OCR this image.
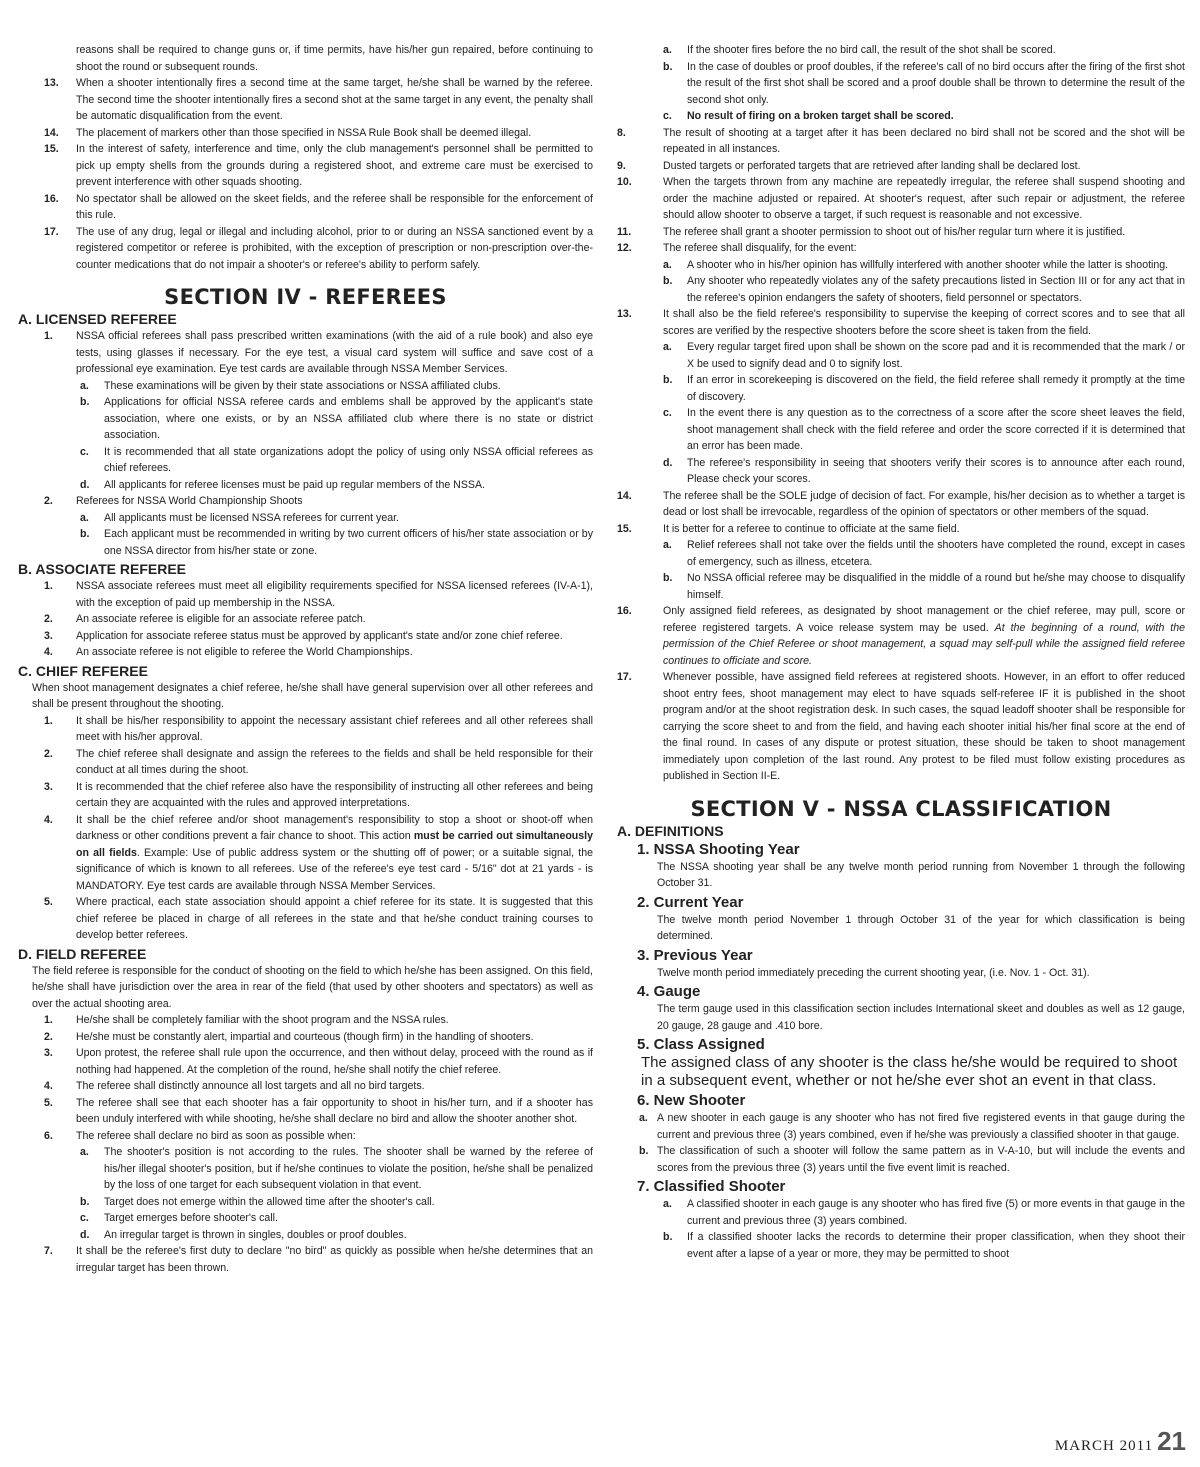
reasons shall be required to change guns or, if time permits, have his/her gun repaired, before continuing to shoot the round or subsequent rounds.

13. When a shooter intentionally fires a second time at the same target, he/she shall be warned by the referee. The second time the shooter intentionally fires a second shot at the same target in any event, the penalty shall be automatic disqualification from the event.
14. The placement of markers other than those specified in NSSA Rule Book shall be deemed illegal.
15. In the interest of safety, interference and time, only the club management's personnel shall be permitted to pick up empty shells from the grounds during a registered shoot, and extreme care must be exercised to prevent interference with other squads shooting.
16. No spectator shall be allowed on the skeet fields, and the referee shall be responsible for the enforcement of this rule.
17. The use of any drug, legal or illegal and including alcohol, prior to or during an NSSA sanctioned event by a registered competitor or referee is prohibited, with the exception of prescription or non-prescription over-the-counter medications that do not impair a shooter's or referee's ability to perform safely.
SECTION IV - REFEREES
A. LICENSED REFEREE
1. NSSA official referees shall pass prescribed written examinations (with the aid of a rule book) and also eye tests, using glasses if necessary. For the eye test, a visual card system will suffice and save cost of a professional eye examination. Eye test cards are available through NSSA Member Services.
a. These examinations will be given by their state associations or NSSA affiliated clubs.
b. Applications for official NSSA referee cards and emblems shall be approved by the applicant's state association, where one exists, or by an NSSA affiliated club where there is no state or district association.
c. It is recommended that all state organizations adopt the policy of using only NSSA official referees as chief referees.
d. All applicants for referee licenses must be paid up regular members of the NSSA.
2. Referees for NSSA World Championship Shoots
a. All applicants must be licensed NSSA referees for current year.
b. Each applicant must be recommended in writing by two current officers of his/her state association or by one NSSA director from his/her state or zone.
B. ASSOCIATE REFEREE
1. NSSA associate referees must meet all eligibility requirements specified for NSSA licensed referees (IV-A-1), with the exception of paid up membership in the NSSA.
2. An associate referee is eligible for an associate referee patch.
3. Application for associate referee status must be approved by applicant's state and/or zone chief referee.
4. An associate referee is not eligible to referee the World Championships.
C. CHIEF REFEREE

When shoot management designates a chief referee, he/she shall have general supervision over all other referees and shall be present throughout the shooting.

1. It shall be his/her responsibility to appoint the necessary assistant chief referees and all other referees shall meet with his/her approval.
2. The chief referee shall designate and assign the referees to the fields and shall be held responsible for their conduct at all times during the shoot.
3. It is recommended that the chief referee also have the responsibility of instructing all other referees and being certain they are acquainted with the rules and approved interpretations.
4. It shall be the chief referee and/or shoot management's responsibility to stop a shoot or shoot-off when darkness or other conditions prevent a fair chance to shoot. This action must be carried out simultaneously on all fields. Example: Use of public address system or the shutting off of power; or a suitable signal, the significance of which is known to all referees. Use of the referee's eye test card - 5/16" dot at 21 yards - is MANDATORY. Eye test cards are available through NSSA Member Services.
5. Where practical, each state association should appoint a chief referee for its state. It is suggested that this chief referee be placed in charge of all referees in the state and that he/she conduct training courses to develop better referees.
D. FIELD REFEREE

The field referee is responsible for the conduct of shooting on the field to which he/she has been assigned. On this field, he/she shall have jurisdiction over the area in rear of the field (that used by other shooters and spectators) as well as over the actual shooting area.

1. He/she shall be completely familiar with the shoot program and the NSSA rules.
2. He/she must be constantly alert, impartial and courteous (though firm) in the handling of shooters.
3. Upon protest, the referee shall rule upon the occurrence, and then without delay, proceed with the round as if nothing had happened. At the completion of the round, he/she shall notify the chief referee.
4. The referee shall distinctly announce all lost targets and all no bird targets.
5. The referee shall see that each shooter has a fair opportunity to shoot in his/her turn, and if a shooter has been unduly interfered with while shooting, he/she shall declare no bird and allow the shooter another shot.
6. The referee shall declare no bird as soon as possible when:
a. The shooter's position is not according to the rules. The shooter shall be warned by the referee of his/her illegal shooter's position, but if he/she continues to violate the position, he/she shall be penalized by the loss of one target for each subsequent violation in that event.
b. Target does not emerge within the allowed time after the shooter's call.
c. Target emerges before shooter's call.
d. An irregular target is thrown in singles, doubles or proof doubles.
7. It shall be the referee's first duty to declare "no bird" as quickly as possible when he/she determines that an irregular target has been thrown.
a. If the shooter fires before the no bird call, the result of the shot shall be scored.
b. In the case of doubles or proof doubles, if the referee's call of no bird occurs after the firing of the first shot the result of the first shot shall be scored and a proof double shall be thrown to determine the result of the second shot only.
c. No result of firing on a broken target shall be scored.
8.	The result of shooting at a target after it has been declared no bird shall not be scored and the shot will be repeated in all instances.
9.	Dusted targets or perforated targets that are retrieved after landing shall be declared lost.
10.	When the targets thrown from any machine are repeatedly irregular, the referee shall suspend shooting and order the machine adjusted or repaired. At shooter's request, after such repair or adjustment, the referee should allow shooter to observe a target, if such request is reasonable and not excessive.
11.	The referee shall grant a shooter permission to shoot out of his/her regular turn where it is justified.
12.	The referee shall disqualify, for the event:
a. A shooter who in his/her opinion has willfully interfered with another shooter while the latter is shooting.
b. Any shooter who repeatedly violates any of the safety precautions listed in Section III or for any act that in the referee's opinion endangers the safety of shooters, field personnel or spectators.
13.	It shall also be the field referee's responsibility to supervise the keeping of correct scores and to see that all scores are verified by the respective shooters before the score sheet is taken from the field.
a. Every regular target fired upon shall be shown on the score pad and it is recommended that the mark / or X be used to signify dead and 0 to signify lost.
b. If an error in scorekeeping is discovered on the field, the field referee shall remedy it promptly at the time of discovery.
c. In the event there is any question as to the correctness of a score after the score sheet leaves the field, shoot management shall check with the field referee and order the score corrected if it is determined that an error has been made.
d. The referee's responsibility in seeing that shooters verify their scores is to announce after each round, Please check your scores.
14.	The referee shall be the SOLE judge of decision of fact. For example, his/her decision as to whether a target is dead or lost shall be irrevocable, regardless of the opinion of spectators or other members of the squad.
15.	It is better for a referee to continue to officiate at the same field.
a. Relief referees shall not take over the fields until the shooters have completed the round, except in cases of emergency, such as illness, etcetera.
b. No NSSA official referee may be disqualified in the middle of a round but he/she may choose to disqualify himself.
16.	Only assigned field referees, as designated by shoot management or the chief referee, may pull, score or referee registered targets. A voice release system may be used. At the beginning of a round, with the permission of the Chief Referee or shoot management, a squad may self-pull while the assigned field referee continues to officiate and score.
17.	Whenever possible, have assigned field referees at registered shoots. However, in an effort to offer reduced shoot entry fees, shoot management may elect to have squads self-referee IF it is published in the shoot program and/or at the shoot registration desk. In such cases, the squad leadoff shooter shall be responsible for carrying the score sheet to and from the field, and having each shooter initial his/her final score at the end of the final round. In cases of any dispute or protest situation, these should be taken to shoot management immediately upon completion of the last round. Any protest to be filed must follow existing procedures as published in Section II-E.
SECTION V - NSSA CLASSIFICATION
A. DEFINITIONS
1. NSSA Shooting Year

The NSSA shooting year shall be any twelve month period running from November 1 through the following October 31.

2. Current Year

The twelve month period November 1 through October 31 of the year for which classification is being determined.

3. Previous Year

Twelve month period immediately preceding the current shooting year, (i.e. Nov. 1 - Oct. 31).

4. Gauge

The term gauge used in this classification section includes International skeet and doubles as well as 12 gauge, 20 gauge, 28 gauge and .410 bore.

5. Class Assigned

The assigned class of any shooter is the class he/she would be required to shoot in a subsequent event, whether or not he/she ever shot an event in that class.

6. New Shooter
a. A new shooter in each gauge is any shooter who has not fired five registered events in that gauge during the current and previous three (3) years combined, even if he/she was previously a classified shooter in that gauge.
b. The classification of such a shooter will follow the same pattern as in V-A-10, but will include the events and scores from the previous three (3) years until the five event limit is reached.
7. Classified Shooter
a. A classified shooter in each gauge is any shooter who has fired five (5) or more events in that gauge in the current and previous three (3) years combined.
b. If a classified shooter lacks the records to determine their proper classification, when they shoot their event after a lapse of a year or more, they may be permitted to shoot
MARCH 2011 21
